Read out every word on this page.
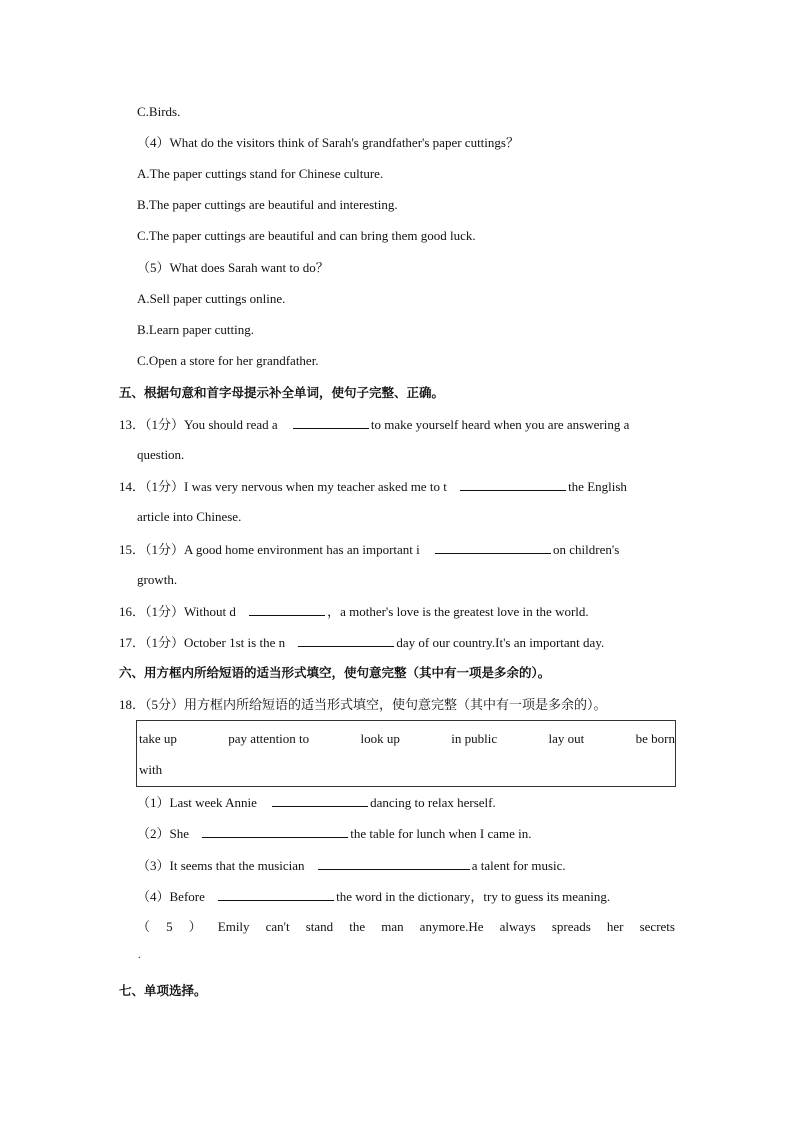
C.Birds.
（4）What do the visitors think of Sarah's grandfather's paper cuttings？
A.The paper cuttings stand for Chinese culture.
B.The paper cuttings are beautiful and interesting.
C.The paper cuttings are beautiful and can bring them good luck.
（5）What does Sarah want to do？
A.Sell paper cuttings online.
B.Learn paper cutting.
C.Open a store for her grandfather.
五、根据句意和首字母提示补全单词，使句子完整、正确。
13．（1分）You should read a	to make yourself heard when you are answering a
question.
14．（1分）I was very nervous when my teacher asked me to t	the English
article into Chinese.
15．（1分）A good home environment has an important i	on children's
growth.
16．（1分）Without d	，a mother's love is the greatest love in the world.
17．（1分）October 1st is the n	day of our country.It's an important day.
六、用方框内所给短语的适当形式填空，使句意完整（其中有一项是多余的）。
18．（5分）用方框内所给短语的适当形式填空，使句意完整（其中有一项是多余的）。
take up	pay attention to	look up	in public	lay out	be born
with
（1）Last week Annie	dancing to relax herself.
（2）She	the table for lunch when I came in.
（3）It seems that the musician	a talent for music.
（4）Before	the word in the dictionary，try to guess its meaning.
（ 5 ） Emily can't stand the man anymore.He always spreads her secrets
.
七、单项选择。
